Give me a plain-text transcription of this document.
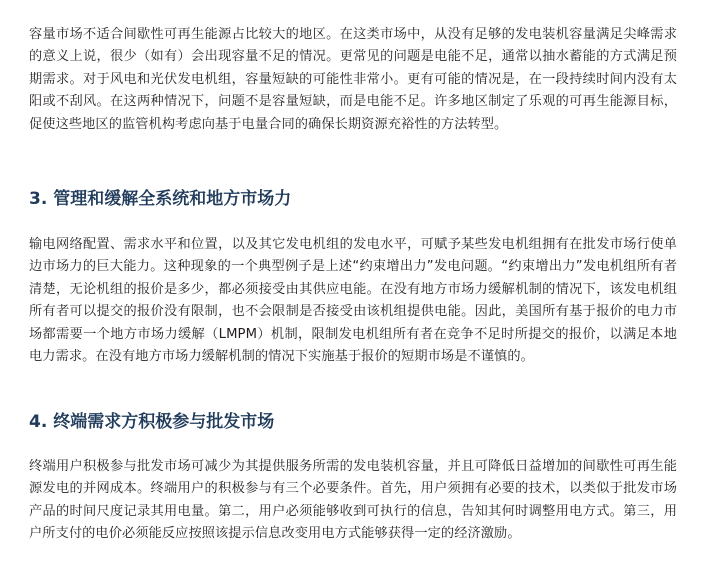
容量市场不适合间歇性可再生能源占比较大的地区。在这类市场中，从没有足够的发电装机容量满足尖峰需求的意义上说，很少（如有）会出现容量不足的情况。更常见的问题是电能不足，通常以抽水蓄能的方式满足预期需求。对于风电和光伏发电机组，容量短缺的可能性非常小。更有可能的情况是，在一段持续时间内没有太阳或不刮风。在这两种情况下，问题不是容量短缺，而是电能不足。许多地区制定了乐观的可再生能源目标，促使这些地区的监管机构考虑向基于电量合同的确保长期资源充裕性的方法转型。

3. 管理和缓解全系统和地方市场力

输电网络配置、需求水平和位置，以及其它发电机组的发电水平，可赋予某些发电机组拥有在批发市场行使单边市场力的巨大能力。这种现象的一个典型例子是上述“约束增出力”发电问题。“约束增出力”发电机组所有者清楚，无论机组的报价是多少，都必须接受由其供应电能。在没有地方市场力缓解机制的情况下，该发电机组所有者可以提交的报价没有限制，也不会限制是否接受由该机组提供电能。因此，美国所有基于报价的电力市场都需要一个地方市场力缓解（LMPM）机制，限制发电机组所有者在竞争不足时所提交的报价，以满足本地电力需求。在没有地方市场力缓解机制的情况下实施基于报价的短期市场是不谨慎的。

4. 终端需求方积极参与批发市场

终端用户积极参与批发市场可减少为其提供服务所需的发电装机容量，并且可降低日益增加的间歇性可再生能源发电的并网成本。终端用户的积极参与有三个必要条件。首先，用户须拥有必要的技术，以类似于批发市场产品的时间尺度记录其用电量。第二，用户必须能够收到可执行的信息，告知其何时调整用电方式。第三，用户所支付的电价必须能反应按照该提示信息改变用电方式能够获得一定的经济激励。
